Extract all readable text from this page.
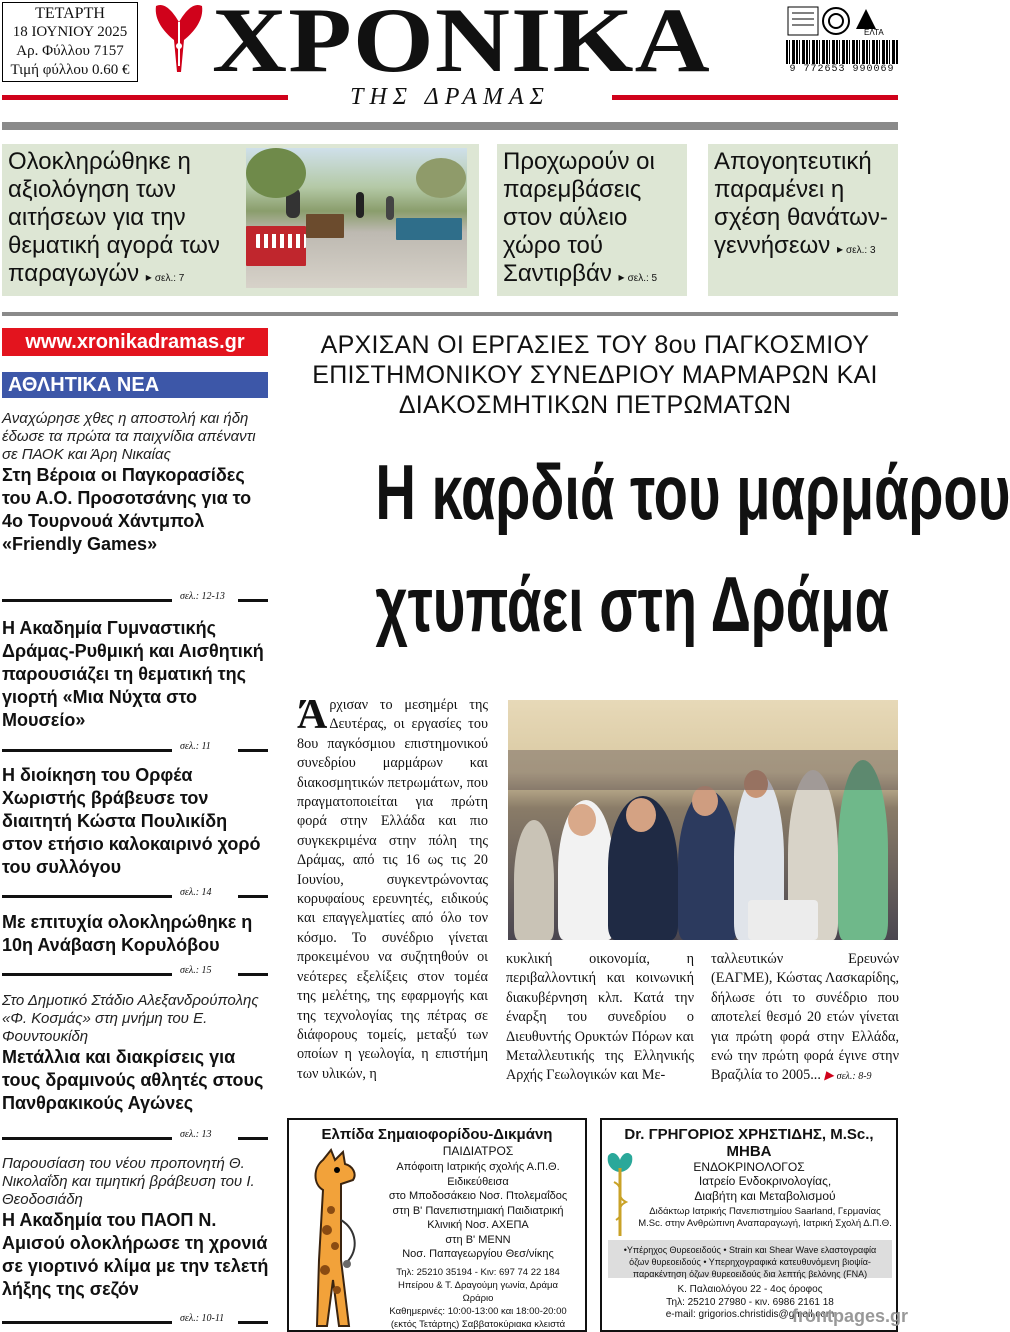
ΤΕΤΑΡΤΗ
18 ΙΟΥΝΙΟΥ 2025
Αρ. Φύλλου 7157
Τιμή φύλλου 0.60 € ΧΡΟΝΙΚΑ
ΤΗΣ ΔΡΑΜΑΣ
ΕΛΤΑ
9 772653 990069
Ολοκληρώθηκε η αξιολόγηση των αιτήσεων για την θεματική αγορά των παραγωγών ▸ σελ.: 7
Προχωρούν οι παρεμβάσεις στον αύλειο χώρο τού Σαντιρβάν ▸ σελ.: 5
Απογοητευτική παραμένει η σχέση θανάτων-γεννήσεων ▸ σελ.: 3
www.xronikadramas.gr
ΑΘΛΗΤΙΚΑ ΝΕΑ
Αναχώρησε χθες η αποστολή και ήδη έδωσε τα πρώτα τα παιχνίδια απέναντι σε ΠΑΟΚ και Άρη Νικαίας
Στη Βέροια οι Παγκορασίδες του Α.Ο. Προσοτσάνης για το 4ο Τουρνουά Χάντμπολ «Friendly Games»
σελ.: 12-13
Η Ακαδημία Γυμναστικής Δράμας-Ρυθμική και Αισθητική παρουσιάζει τη θεματική της γιορτή «Μια Νύχτα στο Μουσείο»
σελ.: 11
Η διοίκηση του Ορφέα Χωριστής βράβευσε τον διαιτητή Κώστα Πουλικίδη στον ετήσιο καλοκαιρινό χορό του συλλόγου
σελ.: 14
Με επιτυχία ολοκληρώθηκε η 10η Ανάβαση Κορυλόβου
σελ.: 15
Στο Δημοτικό Στάδιο Αλεξανδρούπολης «Φ. Κοσμάς» στη μνήμη του Ε. Φουντουκίδη
Μετάλλια και διακρίσεις για τους δραμινούς αθλητές στους Πανθρακικούς Αγώνες
σελ.: 13
Παρουσίαση του νέου προπονητή Θ. Νικολαΐδη και τιμητική βράβευση του Ι. Θεοδοσιάδη
Η Ακαδημία του ΠΑΟΠ Ν. Αμισού ολοκλήρωσε τη χρονιά σε γιορτινό κλίμα με την τελετή λήξης της σεζόν
σελ.: 10-11
ΑΡΧΙΣΑΝ ΟΙ ΕΡΓΑΣΙΕΣ ΤΟΥ 8ου ΠΑΓΚΟΣΜΙΟΥ ΕΠΙΣΤΗΜΟΝΙΚΟΥ ΣΥΝΕΔΡΙΟΥ ΜΑΡΜΑΡΩΝ ΚΑΙ ΔΙΑΚΟΣΜΗΤΙΚΩΝ ΠΕΤΡΩΜΑΤΩΝ
Η καρδιά του μαρμάρου
χτυπάει στη Δράμα
Άρχισαν το μεσημέρι της Δευτέρας, οι εργασίες του 8ου παγκόσμιου επιστημονικού συνεδρίου μαρμάρων και διακοσμητικών πετρωμάτων, που πραγματοποιείται για πρώτη φορά στην Ελλάδα και πιο συγκεκριμένα στην πόλη της Δράμας, από τις 16 ως τις 20 Ιουνίου, συγκεντρώνοντας κορυφαίους ερευνητές, ειδικούς και επαγγελματίες από όλο τον κόσμο. Το συνέδριο γίνεται προκειμένου να συζητηθούν οι νεότερες εξελίξεις στον τομέα της μελέτης, της εφαρμογής και της τεχνολογίας της πέτρας σε διάφορους τομείς, μεταξύ των οποίων η γεωλογία, η επιστήμη των υλικών, η
κυκλική οικονομία, η περιβαλλοντική και κοινωνική διακυβέρνηση κλπ. Κατά την έναρξη του συνεδρίου ο Διευθυντής Ορυκτών Πόρων και Μεταλλευτικής της Ελληνικής Αρχής Γεωλογικών και Με-
ταλλευτικών Ερευνών (ΕΑΓΜΕ), Κώστας Λασκαρίδης, δήλωσε ότι το συνέδριο που αποτελεί θεσμό 20 ετών γίνεται για πρώτη φορά στην Ελλάδα, ενώ την πρώτη φορά έγινε στην Βραζιλία το 2005... ▶ σελ.: 8-9
Ελπίδα Σημαιοφορίδου-Δικμάνη
ΠΑΙΔΙΑΤΡΟΣ
Απόφοιτη Ιατρικής σχολής Α.Π.Θ.
Ειδικεύθεισα
στο Μποδοσάκειο Νοσ. Πτολεμαΐδος
στη Β' Πανεπιστημιακή Παιδιατρική
Κλινική Νοσ. ΑΧΕΠΑ
στη Β' ΜΕΝΝ
Νοσ. Παπαγεωργίου Θεσ/νίκης
Τηλ: 25210 35194 - Κιν: 697 74 22 184
Ηπείρου & Τ. Δραγούμη γωνία, Δράμα
Ωράριο
Καθημερινές: 10:00-13:00 και 18:00-20:00
(εκτός Τετάρτης) Σαββατοκύριακα κλειστά
Dr. ΓΡΗΓΟΡΙΟΣ ΧΡΗΣΤΙΔΗΣ, M.Sc., MHBA
ΕΝΔΟΚΡΙΝΟΛΟΓΟΣ
Ιατρείο Ενδοκρινολογίας,
Διαβήτη και Μεταβολισμού
Διδάκτωρ Ιατρικής Πανεπιστημίου Saarland, Γερμανίας
M.Sc. στην Ανθρώπινη Αναπαραγωγή, Ιατρική Σχολή Δ.Π.Θ.
•Υπέρηχος Θυρεοειδούς • Strain και Shear Wave ελαστογραφία όζων θυρεοειδούς • Υπερηχογραφικά κατευθυνόμενη βιοψία-παρακέντηση όζων θυρεοειδούς δια λεπτής βελόνης (FNA)
Κ. Παλαιολόγου 22 - 4ος όροφος
Τηλ: 25210 27980 - κιν. 6986 2161 18
e-mail: grigorios.christidis@gmail.com
frontpages.gr
